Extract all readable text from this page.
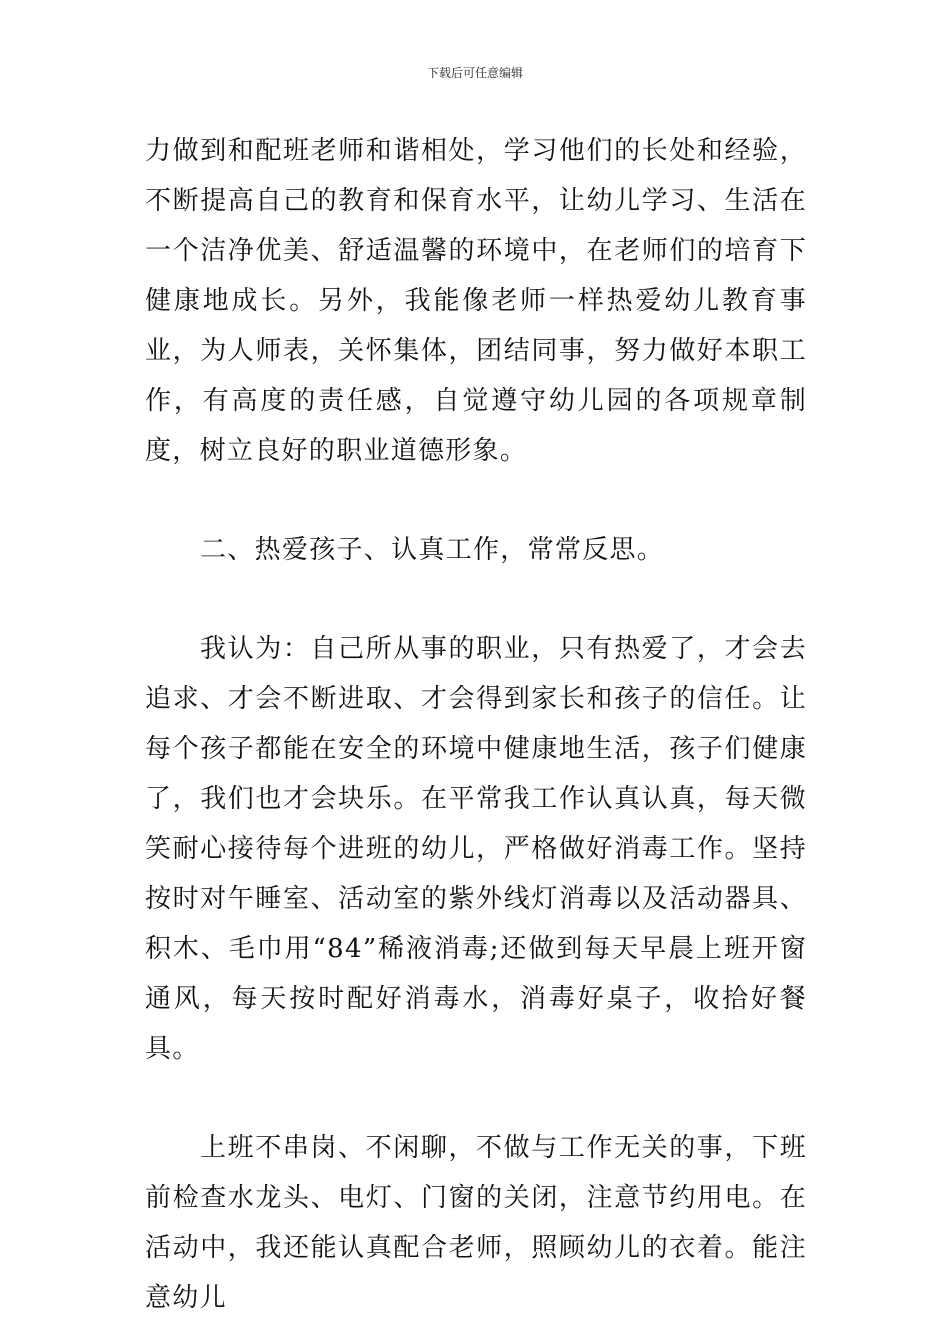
下载后可任意编辑

力做到和配班老师和谐相处，学习他们的长处和经验，不断提高自己的教育和保育水平，让幼儿学习、生活在一个洁净优美、舒适温馨的环境中，在老师们的培育下健康地成长。另外，我能像老师一样热爱幼儿教育事业，为人师表，关怀集体，团结同事，努力做好本职工作，有高度的责任感，自觉遵守幼儿园的各项规章制度，树立良好的职业道德形象。

二、热爱孩子、认真工作，常常反思。

我认为：自己所从事的职业，只有热爱了，才会去追求、才会不断进取、才会得到家长和孩子的信任。让每个孩子都能在安全的环境中健康地生活，孩子们健康了，我们也才会块乐。在平常我工作认真认真，每天微笑耐心接待每个进班的幼儿，严格做好消毒工作。坚持按时对午睡室、活动室的紫外线灯消毒以及活动器具、积木、毛巾用“84”稀液消毒;还做到每天早晨上班开窗通风，每天按时配好消毒水，消毒好桌子，收拾好餐具。

上班不串岗、不闲聊，不做与工作无关的事，下班前检查水龙头、电灯、门窗的关闭，注意节约用电。在活动中，我还能认真配合老师，照顾幼儿的衣着。能注意幼儿
